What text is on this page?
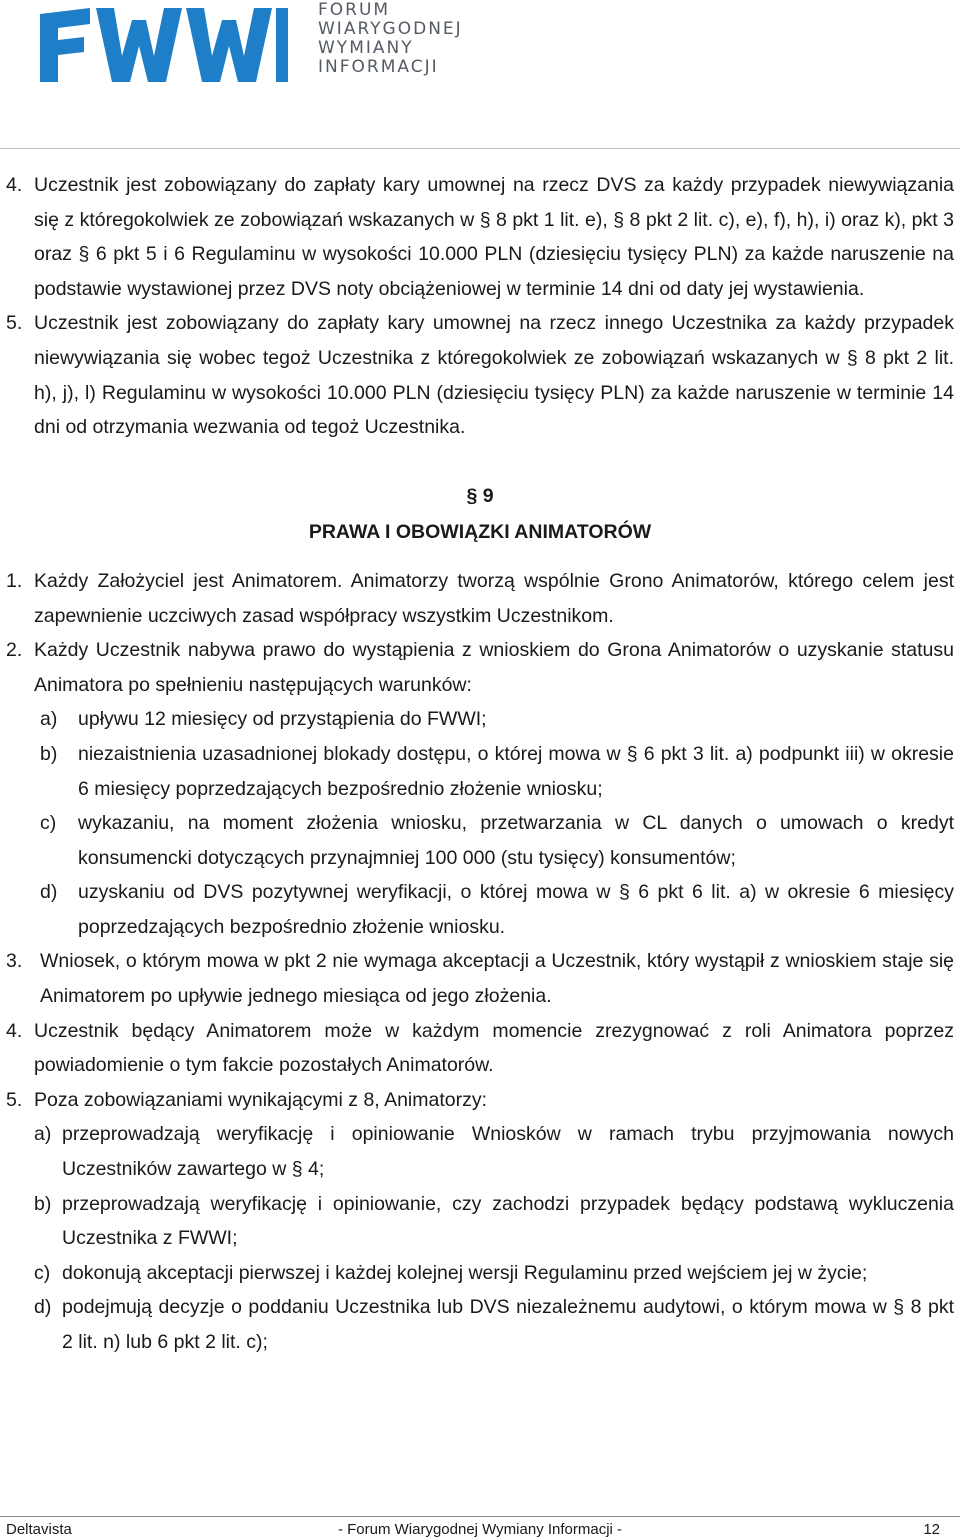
FORUM
WIARYGODNEJ
WYMIANY
INFORMACJI
4. Uczestnik jest zobowiązany do zapłaty kary umownej na rzecz DVS za każdy przypadek niewywiązania się z któregokolwiek ze zobowiązań wskazanych w § 8 pkt 1 lit. e), § 8 pkt 2 lit. c), e), f), h), i) oraz k), pkt 3 oraz § 6 pkt 5 i 6 Regulaminu w wysokości 10.000 PLN (dziesięciu tysięcy PLN) za każde naruszenie na podstawie wystawionej przez DVS noty obciążeniowej w terminie 14 dni od daty jej wystawienia.
5. Uczestnik jest zobowiązany do zapłaty kary umownej na rzecz innego Uczestnika za każdy przypadek niewywiązania się wobec tegoż Uczestnika z któregokolwiek ze zobowiązań wskazanych w § 8 pkt 2 lit. h), j), l) Regulaminu w wysokości 10.000 PLN (dziesięciu tysięcy PLN) za każde naruszenie w terminie 14 dni od otrzymania wezwania od tegoż Uczestnika.
§ 9
PRAWA I OBOWIĄZKI ANIMATORÓW
1. Każdy Założyciel jest Animatorem. Animatorzy tworzą wspólnie Grono Animatorów, którego celem jest zapewnienie uczciwych zasad współpracy wszystkim Uczestnikom.
2. Każdy Uczestnik nabywa prawo do wystąpienia z wnioskiem do Grona Animatorów o uzyskanie statusu Animatora po spełnieniu następujących warunków:
a) upływu 12 miesięcy od przystąpienia do FWWI;
b) niezaistnienia uzasadnionej blokady dostępu, o której mowa w § 6 pkt 3 lit. a) podpunkt iii) w okresie 6 miesięcy poprzedzających bezpośrednio złożenie wniosku;
c) wykazaniu, na moment złożenia wniosku, przetwarzania w CL danych o umowach o kredyt konsumencki dotyczących przynajmniej 100 000 (stu tysięcy) konsumentów;
d) uzyskaniu od DVS pozytywnej weryfikacji, o której mowa w § 6 pkt 6 lit. a) w okresie 6 miesięcy poprzedzających bezpośrednio złożenie wniosku.
3. Wniosek, o którym mowa w pkt 2 nie wymaga akceptacji a Uczestnik, który wystąpił z wnioskiem staje się Animatorem po upływie jednego miesiąca od jego złożenia.
4. Uczestnik będący Animatorem może w każdym momencie zrezygnować z roli Animatora poprzez powiadomienie o tym fakcie pozostałych Animatorów.
5. Poza zobowiązaniami wynikającymi z 8, Animatorzy:
a) przeprowadzają weryfikację i opiniowanie Wniosków w ramach trybu przyjmowania nowych Uczestników zawartego w § 4;
b) przeprowadzają weryfikację i opiniowanie, czy zachodzi przypadek będący podstawą wykluczenia Uczestnika z FWWI;
c) dokonują akceptacji pierwszej i każdej kolejnej wersji Regulaminu przed wejściem jej w życie;
d) podejmują decyzje o poddaniu Uczestnika lub DVS niezależnemu audytowi, o którym mowa w § 8 pkt 2 lit. n) lub 6 pkt 2 lit. c);
Deltavista	- Forum Wiarygodnej Wymiany Informacji -	12
